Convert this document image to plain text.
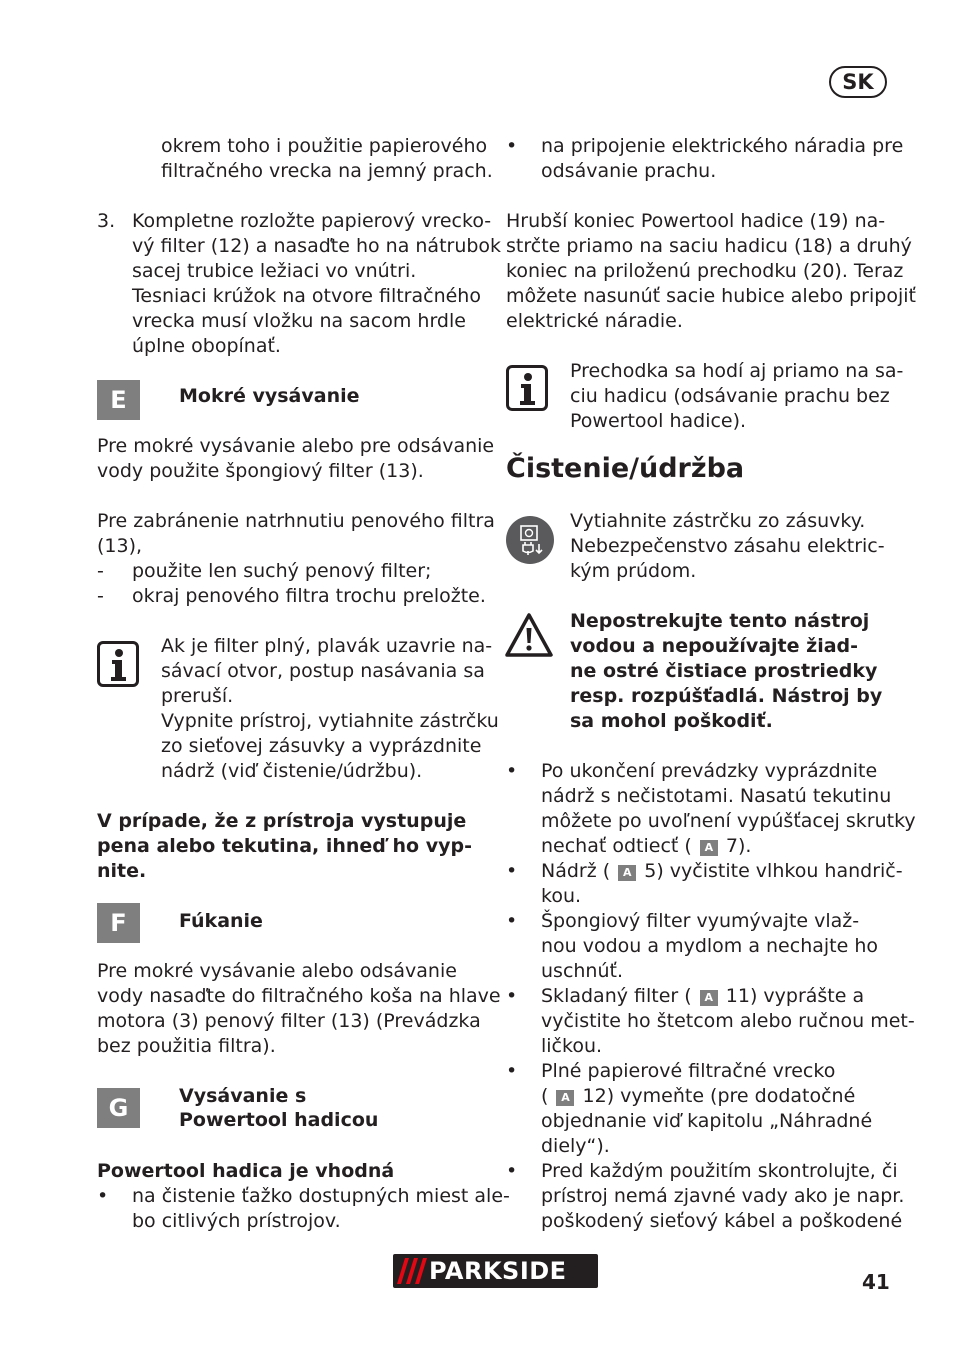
SK

okrem toho i použitie papierového

filtračného vrecka na jemný prach.

3. Kompletne rozložte papierový vrecko-

vý filter (12) a nasaďte ho na nátrubok

sacej trubice ležiaci vo vnútri.

Tesniaci krúžok na otvore filtračného

vrecka musí vložku na sacom hrdle

úplne obopínať.

E	Mokré vysávanie

Pre mokré vysávanie alebo pre odsávanie

vody použite špongiový filter (13).

Pre zabránenie natrhnutiu penového filtra

(13),

- použite len suchý penový filter;

- okraj penového filtra trochu preložte.

Ak je filter plný, plavák uzavrie na-

sávací otvor, postup nasávania sa

preruší.

Vypnite prístroj, vytiahnite zástrčku

zo sieťovej zásuvky a vyprázdnite

nádrž (viď čistenie/údržbu).

V prípade, že z prístroja vystupuje

pena alebo tekutina, ihneď ho vyp-

nite.

F	Fúkanie

Pre mokré vysávanie alebo odsávanie

vody nasaďte do filtračného koša na hlave

motora (3) penový filter (13) (Prevádzka

bez použitia filtra).

G	Vysávanie s
Powertool hadicou

Powertool hadica je vhodná

• na čistenie ťažko dostupných miest ale-

bo citlivých prístrojov.

• na pripojenie elektrického náradia pre

odsávanie prachu.

Hrubší koniec Powertool hadice (19) na-

strčte priamo na saciu hadicu (18) a druhý

koniec na priloženú prechodku (20). Teraz

môžete nasunúť sacie hubice alebo pripojiť

elektrické náradie.

Prechodka sa hodí aj priamo na sa-

ciu hadicu (odsávanie prachu bez

Powertool hadice).

Čistenie/údržba

Vytiahnite zástrčku zo zásuvky.

Nebezpečenstvo zásahu elektric-

kým prúdom.

Nepostrekujte tento nástroj

vodou a nepoužívajte žiad-

ne ostré čistiace prostriedky

resp. rozpúšťadlá. Nástroj by

sa mohol poškodiť.

• Po ukončení prevádzky vyprázdnite

nádrž s nečistotami. Nasatú tekutinu

môžete po uvoľnení vypúšťacej skrutky

nechať odtiecť ( A 7).

• Nádrž ( A 5) vyčistite vlhkou handrič-

kou.

• Špongiový filter vyumývajte vlaž-

nou vodou a mydlom a nechajte ho

uschnúť.

• Skladaný filter ( A 11) vyprášte a

vyčistite ho štetcom alebo ručnou met-

ličkou.

• Plné papierové filtračné vrecko

( A 12) vymeňte (pre dodatočné

objednanie viď kapitolu „Náhradné

diely“).

• Pred každým použitím skontrolujte, či

prístroj nemá zjavné vady ako je napr.

poškodený sieťový kábel a poškodené

PARKSIDE	41
